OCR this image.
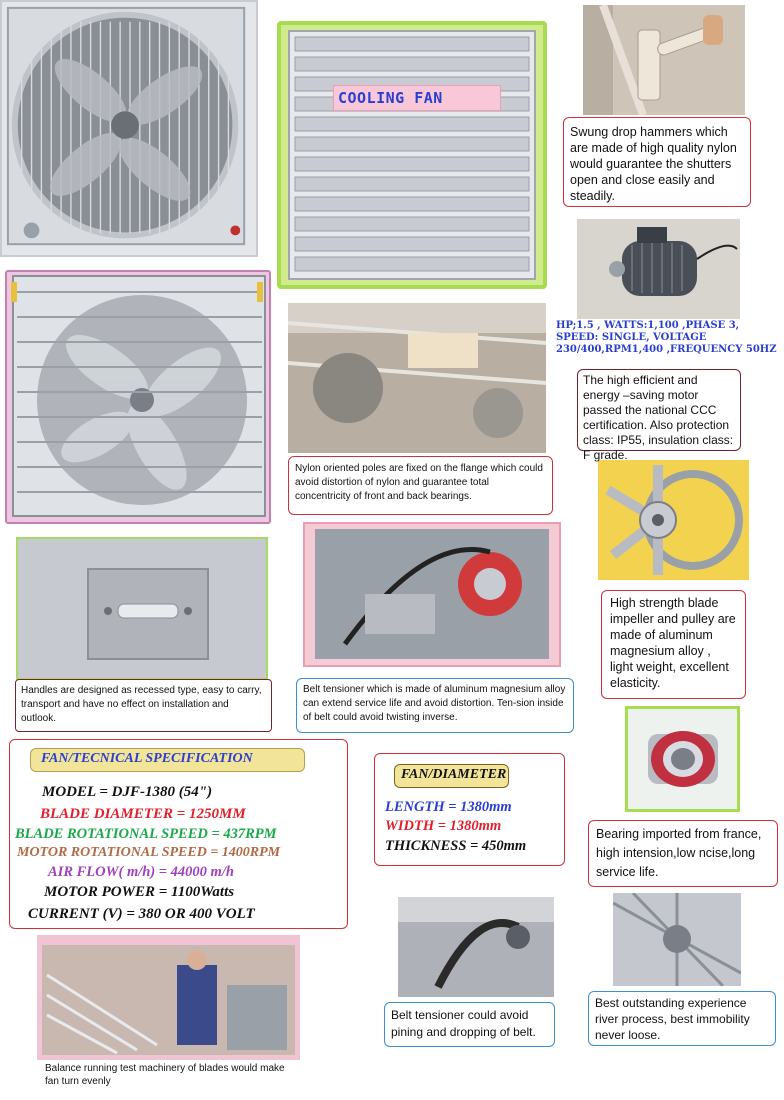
COOLING FAN
Swung drop hammers which are made of high quality nylon would guarantee the shutters open and close easily and steadily.
HP;1.5 , WATTS:1,100 ,PHASE 3, SPEED: SINGLE, VOLTAGE 230/400,RPM1,400 ,FREQUENCY 50HZ
The high efficient and energy –saving motor passed the national CCC certification. Also protection class: IP55, insulation class: F grade.
Nylon oriented poles are fixed on the flange which could avoid distortion of nylon and guarantee total concentricity of front and back bearings.
High strength blade impeller and pulley are made of aluminum magnesium alloy , light weight, excellent elasticity.
Handles are designed as recessed type, easy to carry, transport and have no effect on installation and outlook.
Belt tensioner which is made of aluminum magnesium alloy can extend service life and avoid distortion. Ten-sion inside of belt could avoid twisting inverse.
Bearing imported from france, high intension,low ncise,long service life.
Belt tensioner could avoid pining and dropping of belt.
Best outstanding experience river process, best immobility never loose.
Balance running test machinery of blades would make fan turn evenly
FAN/TECNICAL SPECIFICATION
MODEL = DJF-1380 (54")
BLADE DIAMETER = 1250MM
BLADE ROTATIONAL SPEED = 437RPM
MOTOR ROTATIONAL SPEED = 1400RPM
AIR FLOW( m/h) = 44000 m/h
MOTOR POWER = 1100Watts
CURRENT (V) = 380 OR 400 VOLT
FAN/DIAMETER
LENGTH = 1380mm
WIDTH = 1380mm
THICKNESS = 450mm
